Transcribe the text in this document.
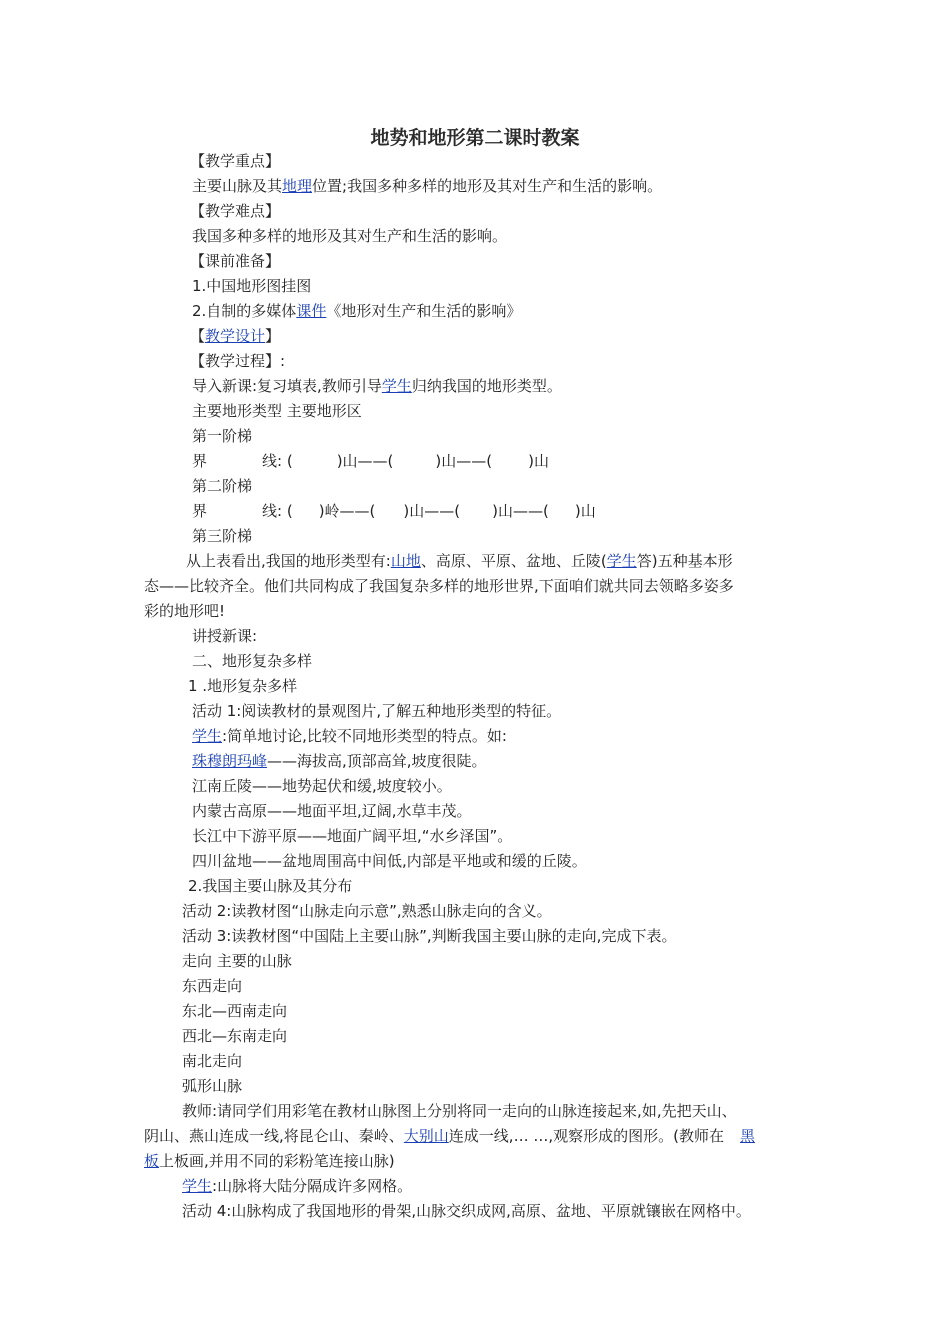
地势和地形第二课时教案
【教学重点】
主要山脉及其地理位置;我国多种多样的地形及其对生产和生活的影响。
【教学难点】
我国多种多样的地形及其对生产和生活的影响。
【课前准备】
1.中国地形图挂图
2.自制的多媒体课件《地形对生产和生活的影响》
【教学设计】
【教学过程】:
导入新课:复习填表,教师引导学生归纳我国的地形类型。
主要地形类型 主要地形区
第一阶梯
界	线: (	)山——(	)山——( )山
第二阶梯
界	线: ( )岭——( )山——( )山——( )山
第三阶梯
从上表看出,我国的地形类型有:山地、高原、平原、盆地、丘陵(学生答)五种基本形
态——比较齐全。他们共同构成了我国复杂多样的地形世界,下面咱们就共同去领略多姿多
彩的地形吧!
讲授新课:
二、地形复杂多样
1 .地形复杂多样
活动 1:阅读教材的景观图片,了解五种地形类型的特征。
学生:简单地讨论,比较不同地形类型的特点。如:
珠穆朗玛峰——海拔高,顶部高耸,坡度很陡。
江南丘陵——地势起伏和缓,坡度较小。
内蒙古高原——地面平坦,辽阔,水草丰茂。
长江中下游平原——地面广阔平坦,“水乡泽国”。
四川盆地——盆地周围高中间低,内部是平地或和缓的丘陵。
2.我国主要山脉及其分布
活动 2:读教材图“山脉走向示意”,熟悉山脉走向的含义。
活动 3:读教材图“中国陆上主要山脉”,判断我国主要山脉的走向,完成下表。
走向 主要的山脉
东西走向
东北—西南走向
西北—东南走向
南北走向
弧形山脉
教师:请同学们用彩笔在教材山脉图上分别将同一走向的山脉连接起来,如,先把天山、
阴山、燕山连成一线,将昆仑山、秦岭、大别山连成一线,… …,观察形成的图形。(教师在 黑
板上板画,并用不同的彩粉笔连接山脉)
学生:山脉将大陆分隔成许多网格。
活动 4:山脉构成了我国地形的骨架,山脉交织成网,高原、盆地、平原就镶嵌在网格中。
